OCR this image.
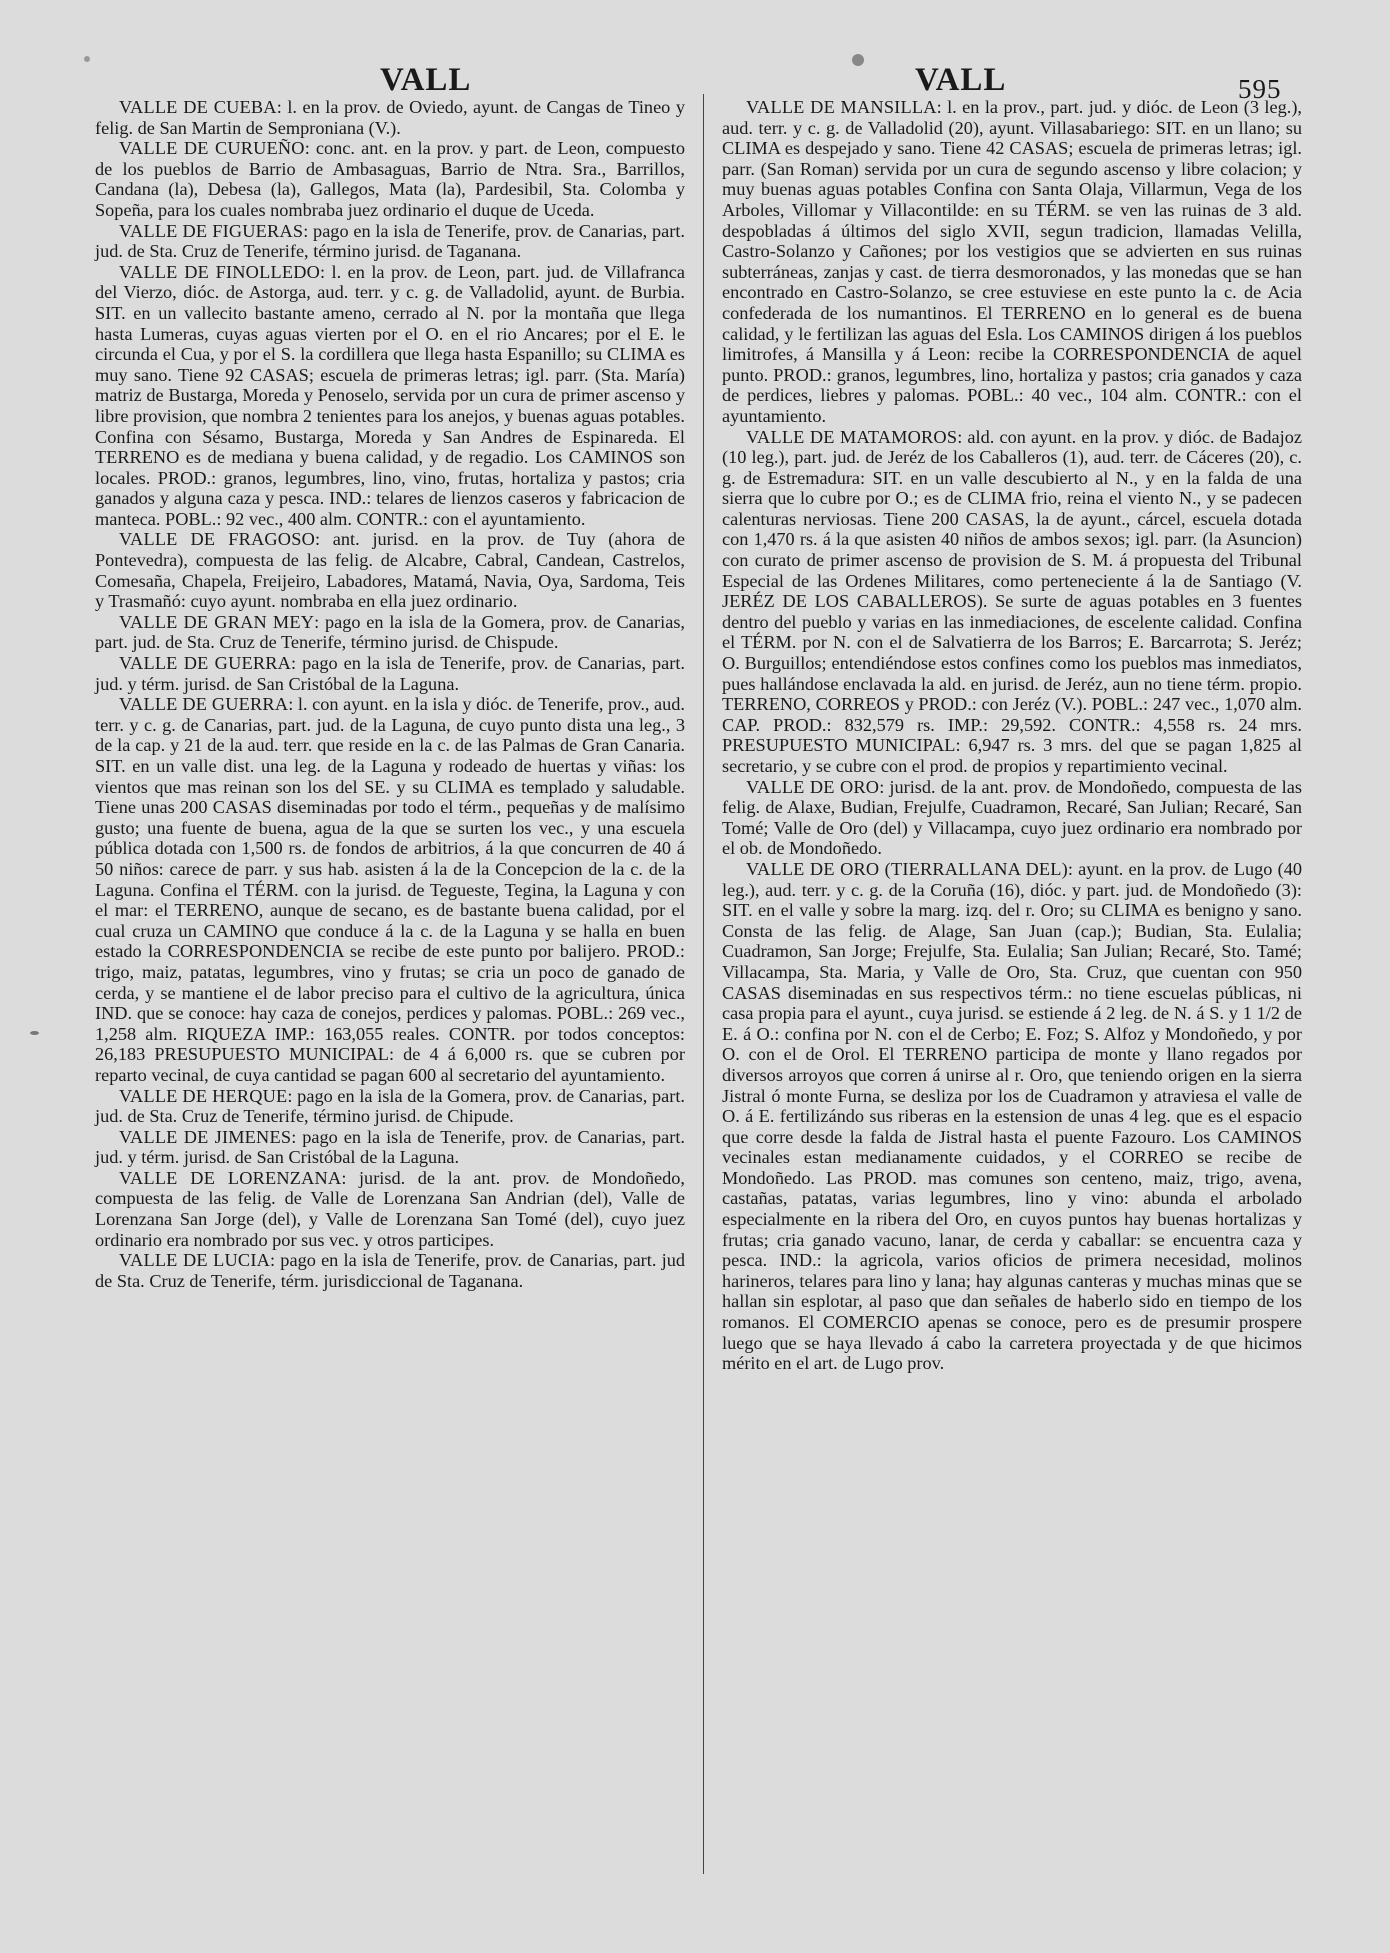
VALL	VALL	595

VALLE DE CUEBA: l. en la prov. de Oviedo, ayunt. de Cangas de Tineo y felig. de San Martin de Semproniana (V.).

VALLE DE CURUEÑO: conc. ant. en la prov. y part. de Leon, compuesto de los pueblos de Barrio de Ambasaguas, Barrio de Ntra. Sra., Barrillos, Candana (la), Debesa (la), Gallegos, Mata (la), Pardesibil, Sta. Colomba y Sopeña, para los cuales nombraba juez ordinario el duque de Uceda.

VALLE DE FIGUERAS: pago en la isla de Tenerife, prov. de Canarias, part. jud. de Sta. Cruz de Tenerife, término jurisd. de Taganana.

VALLE DE FINOLLEDO: l. en la prov. de Leon, part. jud. de Villafranca del Vierzo, dióc. de Astorga, aud. terr. y c. g. de Valladolid, ayunt. de Burbia. SIT. en un vallecito bastante ameno, cerrado al N. por la montaña que llega hasta Lumeras, cuyas aguas vierten por el O. en el rio Ancares; por el E. le circunda el Cua, y por el S. la cordillera que llega hasta Espanillo; su CLIMA es muy sano. Tiene 92 CASAS; escuela de primeras letras; igl. parr. (Sta. María) matriz de Bustarga, Moreda y Penoselo, servida por un cura de primer ascenso y libre provision, que nombra 2 tenientes para los anejos, y buenas aguas potables. Confina con Sésamo, Bustarga, Moreda y San Andres de Espinareda. El TERRENO es de mediana y buena calidad, y de regadio. Los CAMINOS son locales. PROD.: granos, legumbres, lino, vino, frutas, hortaliza y pastos; cria ganados y alguna caza y pesca. IND.: telares de lienzos caseros y fabricacion de manteca. POBL.: 92 vec., 400 alm. CONTR.: con el ayuntamiento.

VALLE DE FRAGOSO: ant. jurisd. en la prov. de Tuy (ahora de Pontevedra), compuesta de las felig. de Alcabre, Cabral, Candean, Castrelos, Comesaña, Chapela, Freijeiro, Labadores, Matamá, Navia, Oya, Sardoma, Teis y Trasmañó: cuyo ayunt. nombraba en ella juez ordinario.

VALLE DE GRAN MEY: pago en la isla de la Gomera, prov. de Canarias, part. jud. de Sta. Cruz de Tenerife, término jurisd. de Chispude.

VALLE DE GUERRA: pago en la isla de Tenerife, prov. de Canarias, part. jud. y térm. jurisd. de San Cristóbal de la Laguna.

VALLE DE GUERRA: l. con ayunt. en la isla y dióc. de Tenerife, prov., aud. terr. y c. g. de Canarias, part. jud. de la Laguna, de cuyo punto dista una leg., 3 de la cap. y 21 de la aud. terr. que reside en la c. de las Palmas de Gran Canaria. SIT. en un valle dist. una leg. de la Laguna y rodeado de huertas y viñas: los vientos que mas reinan son los del SE. y su CLIMA es templado y saludable. Tiene unas 200 CASAS diseminadas por todo el térm., pequeñas y de malísimo gusto; una fuente de buena, agua de la que se surten los vec., y una escuela pública dotada con 1,500 rs. de fondos de arbitrios, á la que concurren de 40 á 50 niños: carece de parr. y sus hab. asisten á la de la Concepcion de la c. de la Laguna. Confina el TÉRM. con la jurisd. de Tegueste, Tegina, la Laguna y con el mar: el TERRENO, aunque de secano, es de bastante buena calidad, por el cual cruza un CAMINO que conduce á la c. de la Laguna y se halla en buen estado la CORRESPONDENCIA se recibe de este punto por balijero. PROD.: trigo, maiz, patatas, legumbres, vino y frutas; se cria un poco de ganado de cerda, y se mantiene el de labor preciso para el cultivo de la agricultura, única IND. que se conoce: hay caza de conejos, perdices y palomas. POBL.: 269 vec., 1,258 alm. RIQUEZA IMP.: 163,055 reales. CONTR. por todos conceptos: 26,183 PRESUPUESTO MUNICIPAL: de 4 á 6,000 rs. que se cubren por reparto vecinal, de cuya cantidad se pagan 600 al secretario del ayuntamiento.

VALLE DE HERQUE: pago en la isla de la Gomera, prov. de Canarias, part. jud. de Sta. Cruz de Tenerife, término jurisd. de Chipude.

VALLE DE JIMENES: pago en la isla de Tenerife, prov. de Canarias, part. jud. y térm. jurisd. de San Cristóbal de la Laguna.

VALLE DE LORENZANA: jurisd. de la ant. prov. de Mondoñedo, compuesta de las felig. de Valle de Lorenzana San Andrian (del), Valle de Lorenzana San Jorge (del), y Valle de Lorenzana San Tomé (del), cuyo juez ordinario era nombrado por sus vec. y otros participes.

VALLE DE LUCIA: pago en la isla de Tenerife, prov. de Canarias, part. jud de Sta. Cruz de Tenerife, térm. jurisdiccional de Taganana.

VALLE DE MANSILLA: l. en la prov., part. jud. y dióc. de Leon (3 leg.), aud. terr. y c. g. de Valladolid (20), ayunt. Villasabariego: SIT. en un llano; su CLIMA es despejado y sano. Tiene 42 CASAS; escuela de primeras letras; igl. parr. (San Roman) servida por un cura de segundo ascenso y libre colacion; y muy buenas aguas potables Confina con Santa Olaja, Villarmun, Vega de los Arboles, Villomar y Villacontilde: en su TÉRM. se ven las ruinas de 3 ald. despobladas á últimos del siglo XVII, segun tradicion, llamadas Velilla, Castro-Solanzo y Cañones; por los vestigios que se advierten en sus ruinas subterráneas, zanjas y cast. de tierra desmoronados, y las monedas que se han encontrado en Castro-Solanzo, se cree estuviese en este punto la c. de Acia confederada de los numantinos. El TERRENO en lo general es de buena calidad, y le fertilizan las aguas del Esla. Los CAMINOS dirigen á los pueblos limitrofes, á Mansilla y á Leon: recibe la CORRESPONDENCIA de aquel punto. PROD.: granos, legumbres, lino, hortaliza y pastos; cria ganados y caza de perdices, liebres y palomas. POBL.: 40 vec., 104 alm. CONTR.: con el ayuntamiento.

VALLE DE MATAMOROS: ald. con ayunt. en la prov. y dióc. de Badajoz (10 leg.), part. jud. de Jeréz de los Caballeros (1), aud. terr. de Cáceres (20), c. g. de Estremadura: SIT. en un valle descubierto al N., y en la falda de una sierra que lo cubre por O.; es de CLIMA frio, reina el viento N., y se padecen calenturas nerviosas. Tiene 200 CASAS, la de ayunt., cárcel, escuela dotada con 1,470 rs. á la que asisten 40 niños de ambos sexos; igl. parr. (la Asuncion) con curato de primer ascenso de provision de S. M. á propuesta del Tribunal Especial de las Ordenes Militares, como perteneciente á la de Santiago (V. JERÉZ DE LOS CABALLEROS). Se surte de aguas potables en 3 fuentes dentro del pueblo y varias en las inmediaciones, de escelente calidad. Confina el TÉRM. por N. con el de Salvatierra de los Barros; E. Barcarrota; S. Jeréz; O. Burguillos; entendiéndose estos confines como los pueblos mas inmediatos, pues hallándose enclavada la ald. en jurisd. de Jeréz, aun no tiene térm. propio. TERRENO, CORREOS y PROD.: con Jeréz (V.). POBL.: 247 vec., 1,070 alm. CAP. PROD.: 832,579 rs. IMP.: 29,592. CONTR.: 4,558 rs. 24 mrs. PRESUPUESTO MUNICIPAL: 6,947 rs. 3 mrs. del que se pagan 1,825 al secretario, y se cubre con el prod. de propios y repartimiento vecinal.

VALLE DE ORO: jurisd. de la ant. prov. de Mondoñedo, compuesta de las felig. de Alaxe, Budian, Frejulfe, Cuadramon, Recaré, San Julian; Recaré, San Tomé; Valle de Oro (del) y Villacampa, cuyo juez ordinario era nombrado por el ob. de Mondoñedo.

VALLE DE ORO (TIERRALLANA DEL): ayunt. en la prov. de Lugo (40 leg.), aud. terr. y c. g. de la Coruña (16), dióc. y part. jud. de Mondoñedo (3): SIT. en el valle y sobre la marg. izq. del r. Oro; su CLIMA es benigno y sano. Consta de las felig. de Alage, San Juan (cap.); Budian, Sta. Eulalia; Cuadramon, San Jorge; Frejulfe, Sta. Eulalia; San Julian; Recaré, Sto. Tamé; Villacampa, Sta. Maria, y Valle de Oro, Sta. Cruz, que cuentan con 950 CASAS diseminadas en sus respectivos térm.: no tiene escuelas públicas, ni casa propia para el ayunt., cuya jurisd. se estiende á 2 leg. de N. á S. y 1 1/2 de E. á O.: confina por N. con el de Cerbo; E. Foz; S. Alfoz y Mondoñedo, y por O. con el de Orol. El TERRENO participa de monte y llano regados por diversos arroyos que corren á unirse al r. Oro, que teniendo origen en la sierra Jistral ó monte Furna, se desliza por los de Cuadramon y atraviesa el valle de O. á E. fertilizándo sus riberas en la estension de unas 4 leg. que es el espacio que corre desde la falda de Jistral hasta el puente Fazouro. Los CAMINOS vecinales estan medianamente cuidados, y el CORREO se recibe de Mondoñedo. Las PROD. mas comunes son centeno, maiz, trigo, avena, castañas, patatas, varias legumbres, lino y vino: abunda el arbolado especialmente en la ribera del Oro, en cuyos puntos hay buenas hortalizas y frutas; cria ganado vacuno, lanar, de cerda y caballar: se encuentra caza y pesca. IND.: la agricola, varios oficios de primera necesidad, molinos harineros, telares para lino y lana; hay algunas canteras y muchas minas que se hallan sin esplotar, al paso que dan señales de haberlo sido en tiempo de los romanos. El COMERCIO apenas se conoce, pero es de presumir prospere luego que se haya llevado á cabo la carretera proyectada y de que hicimos mérito en el art. de Lugo prov.
